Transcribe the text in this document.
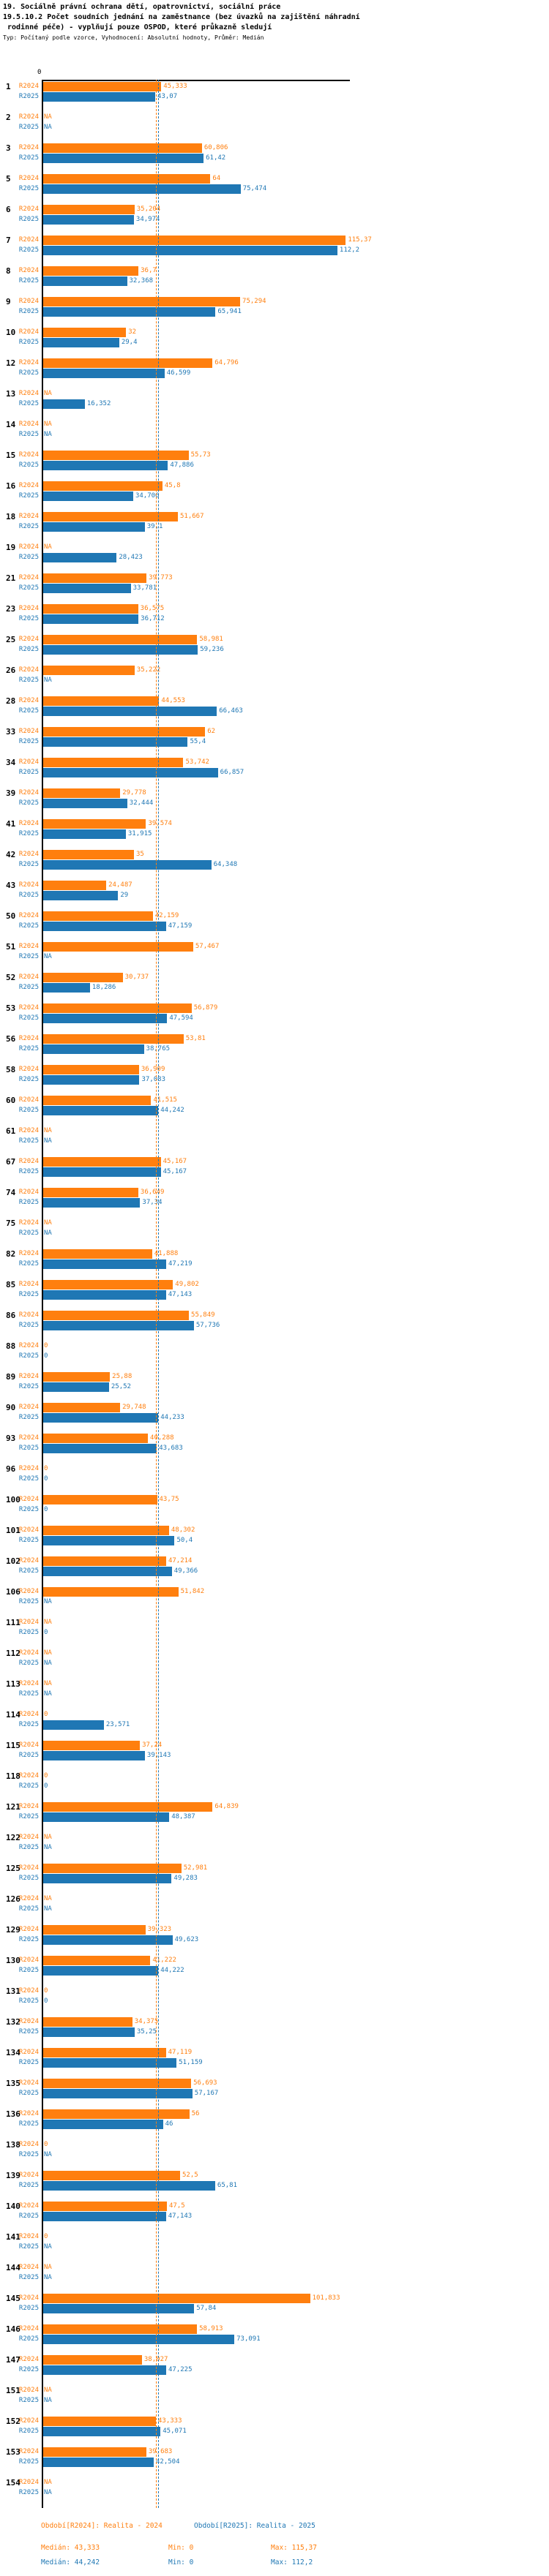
19. Sociálně právní ochrana dětí, opatrovnictví, sociální práce
19.5.10.2 Počet soudních jednání na zaměstnance (bez úvazků na zajištění náhradní
rodinné péče) - vyplňují pouze OSPOD, které průkazně sledují
Typ: Počítaný podle vzorce, Vyhodnocení: Absolutní hodnoty, Průměr: Medián
0
1	R2024	45,333
R2025	43,07
2	R2024 NA
R2025 NA
3	R2024	60,806
R2025	61,42
5	R2024	64
R2025	75,474
6	R2024	35,204
R2025	34,974
7	R2024	115,37
R2025	112,2
8	R2024	36,7
R2025	32,368
9	R2024	75,294
R2025	65,941
10 R2024	32
R2025	29,4
12 R2024	64,796
R2025	46,599
13 R2024 NA
R2025	16,352
14 R2024 NA
R2025 NA
15 R2024	55,73
R2025	47,886
16 R2024	45,8
R2025	34,706
18 R2024	51,667
R2025	39,1
19 R2024 NA
R2025	28,423
21 R2024	39,773
R2025	33,781
23 R2024	36,575
R2025	36,712
25 R2024	58,981
R2025	59,236
26 R2024	35,222
R2025 NA
28 R2024	44,553
R2025	66,463
33 R2024	62
R2025	55,4
34 R2024	53,742
R2025	66,857
39 R2024	29,778
R2025	32,444
41 R2024	39,574
R2025	31,915
42 R2024	35
R2025	64,348
43 R2024	24,487
R2025	29
50 R2024	42,159
R2025	47,159
51 R2024	57,467
R2025 NA
52 R2024	30,737
R2025	18,286
53 R2024	56,879
R2025	47,594
56 R2024	53,81
R2025	38,765
58 R2024	36,909
R2025	37,083
60 R2024	41,515
R2025	44,242
61 R2024 NA
R2025 NA
67 R2024	45,167
R2025	45,167
74 R2024	36,649
R2025	37,34
75 R2024 NA
R2025 NA
82 R2024	41,888
R2025	47,219
85 R2024	49,802
R2025	47,143
86 R2024	55,849
R2025	57,736
88 R2024 0
R2025 0
89 R2024	25,88
R2025	25,52
90 R2024	29,748
R2025	44,233
93 R2024	40,288
R2025	43,683
96 R2024 0
R2025 0
100
R2024	43,75
R2025 0
101
R2024	48,302
R2025	50,4
102
R2024	47,214
R2025	49,366
106
R2024	51,842
R2025 NA
111
R2024 NA
R2025 0
112
R2024 NA
R2025 NA
113
R2024 NA
R2025 NA
114
R2024 0
R2025	23,571
115
R2024	37,24
R2025	39,143
118
R2024 0
R2025 0
121
R2024	64,839
R2025	48,387
122
R2024 NA
R2025 NA
125
R2024	52,981
R2025	49,283
126
R2024 NA
R2025 NA
129
R2024	39,323
R2025	49,623
130
R2024	41,222
R2025	44,222
131
R2024 0
R2025 0
132
R2024	34,375
R2025	35,25
134
R2024	47,119
R2025	51,159
135
R2024	56,693
R2025	57,167
136
R2024	56
R2025	46
138
R2024 0
R2025 NA
139
R2024	52,5
R2025	65,81
140
R2024	47,5
R2025	47,143
141
R2024 0
R2025 NA
144
R2024 NA
R2025 NA
145
R2024	101,833
R2025	57,84
146
R2024	58,913
R2025	73,091
147
R2024	38,027
R2025	47,225
151
R2024 NA
R2025 NA
152
R2024	43,333
R2025	45,071
153
R2024	39,683
R2025	42,504
154
R2024 NA
R2025 NA
Období[R2024]: Realita - 2024	Období[R2025]: Realita - 2025
Medián: 43,333	Min: 0	Max: 115,37
Medián: 44,242	Min: 0	Max: 112,2
